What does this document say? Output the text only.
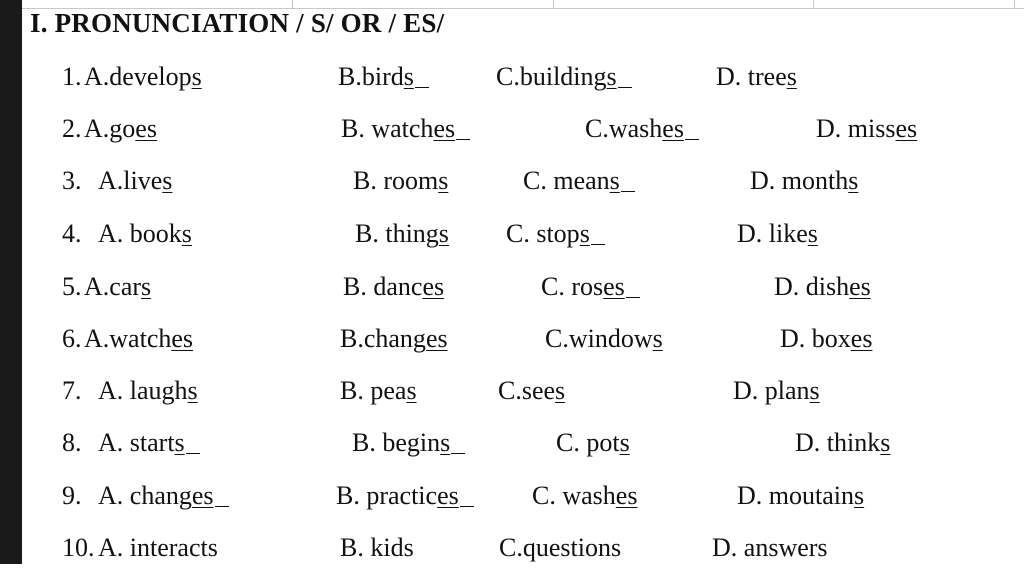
I. PRONUNCIATION / S/ OR / ES/
1. A.develops	B.birds	C.buildings	D. trees
2. A.goes	B. watches	C.washes	D. misses
3. A.lives	B. rooms	C. means	D. months
4. A. books	B. things C. stops	D. likes
5. A.cars	B. dances	C. roses	D. dishes
6. A.watches	B.changes	C.windows	D. boxes
7. A. laughs	B. peas	C.sees	D. plans
8. A. starts	B. begins	C. pots	D. thinks
9. A. changes	B. practices	C. washes	D. moutains
10. A. interacts	B. kids	C.questions	D. answers
